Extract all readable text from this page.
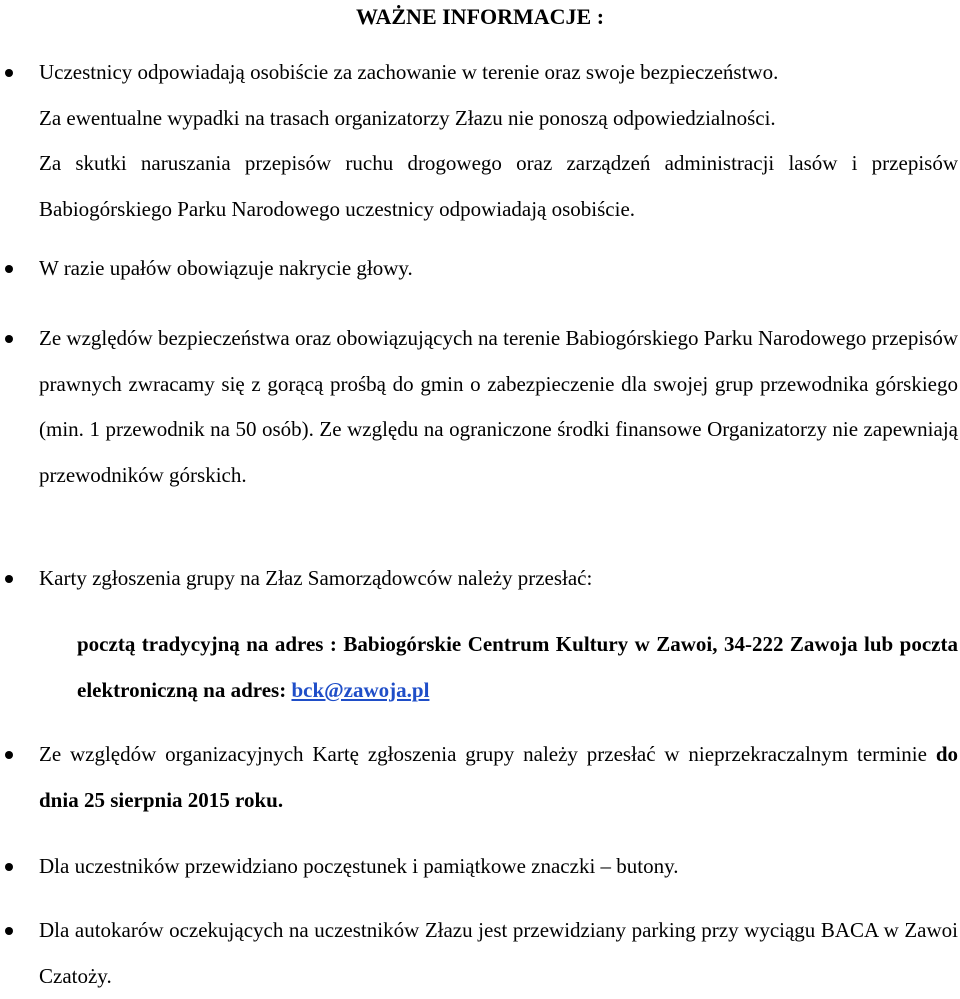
WAŻNE INFORMACJE :
Uczestnicy odpowiadają osobiście za zachowanie w terenie oraz swoje bezpieczeństwo.
Za ewentualne wypadki na trasach organizatorzy Złazu nie ponoszą odpowiedzialności.
Za skutki naruszania przepisów ruchu drogowego oraz zarządzeń administracji lasów i przepisów Babiogórskiego Parku Narodowego uczestnicy odpowiadają osobiście.
W razie upałów obowiązuje nakrycie głowy.
Ze względów bezpieczeństwa oraz obowiązujących na terenie Babiogórskiego Parku Narodowego przepisów prawnych zwracamy się z gorącą prośbą do gmin o zabezpieczenie dla swojej grup przewodnika górskiego (min. 1 przewodnik na 50 osób). Ze względu na ograniczone środki finansowe Organizatorzy nie zapewniają przewodników górskich.
Karty zgłoszenia grupy na Złaz Samorządowców należy przesłać:
pocztą tradycyjną na adres : Babiogórskie Centrum Kultury w Zawoi, 34-222 Zawoja lub poczta elektroniczną na adres: bck@zawoja.pl
Ze względów organizacyjnych Kartę zgłoszenia grupy należy przesłać w nieprzekraczalnym terminie do dnia 25 sierpnia 2015 roku.
Dla uczestników przewidziano poczęstunek i pamiątkowe znaczki – butony.
Dla autokarów oczekujących na uczestników Złazu jest przewidziany parking przy wyciągu BACA w Zawoi Czatoży.
